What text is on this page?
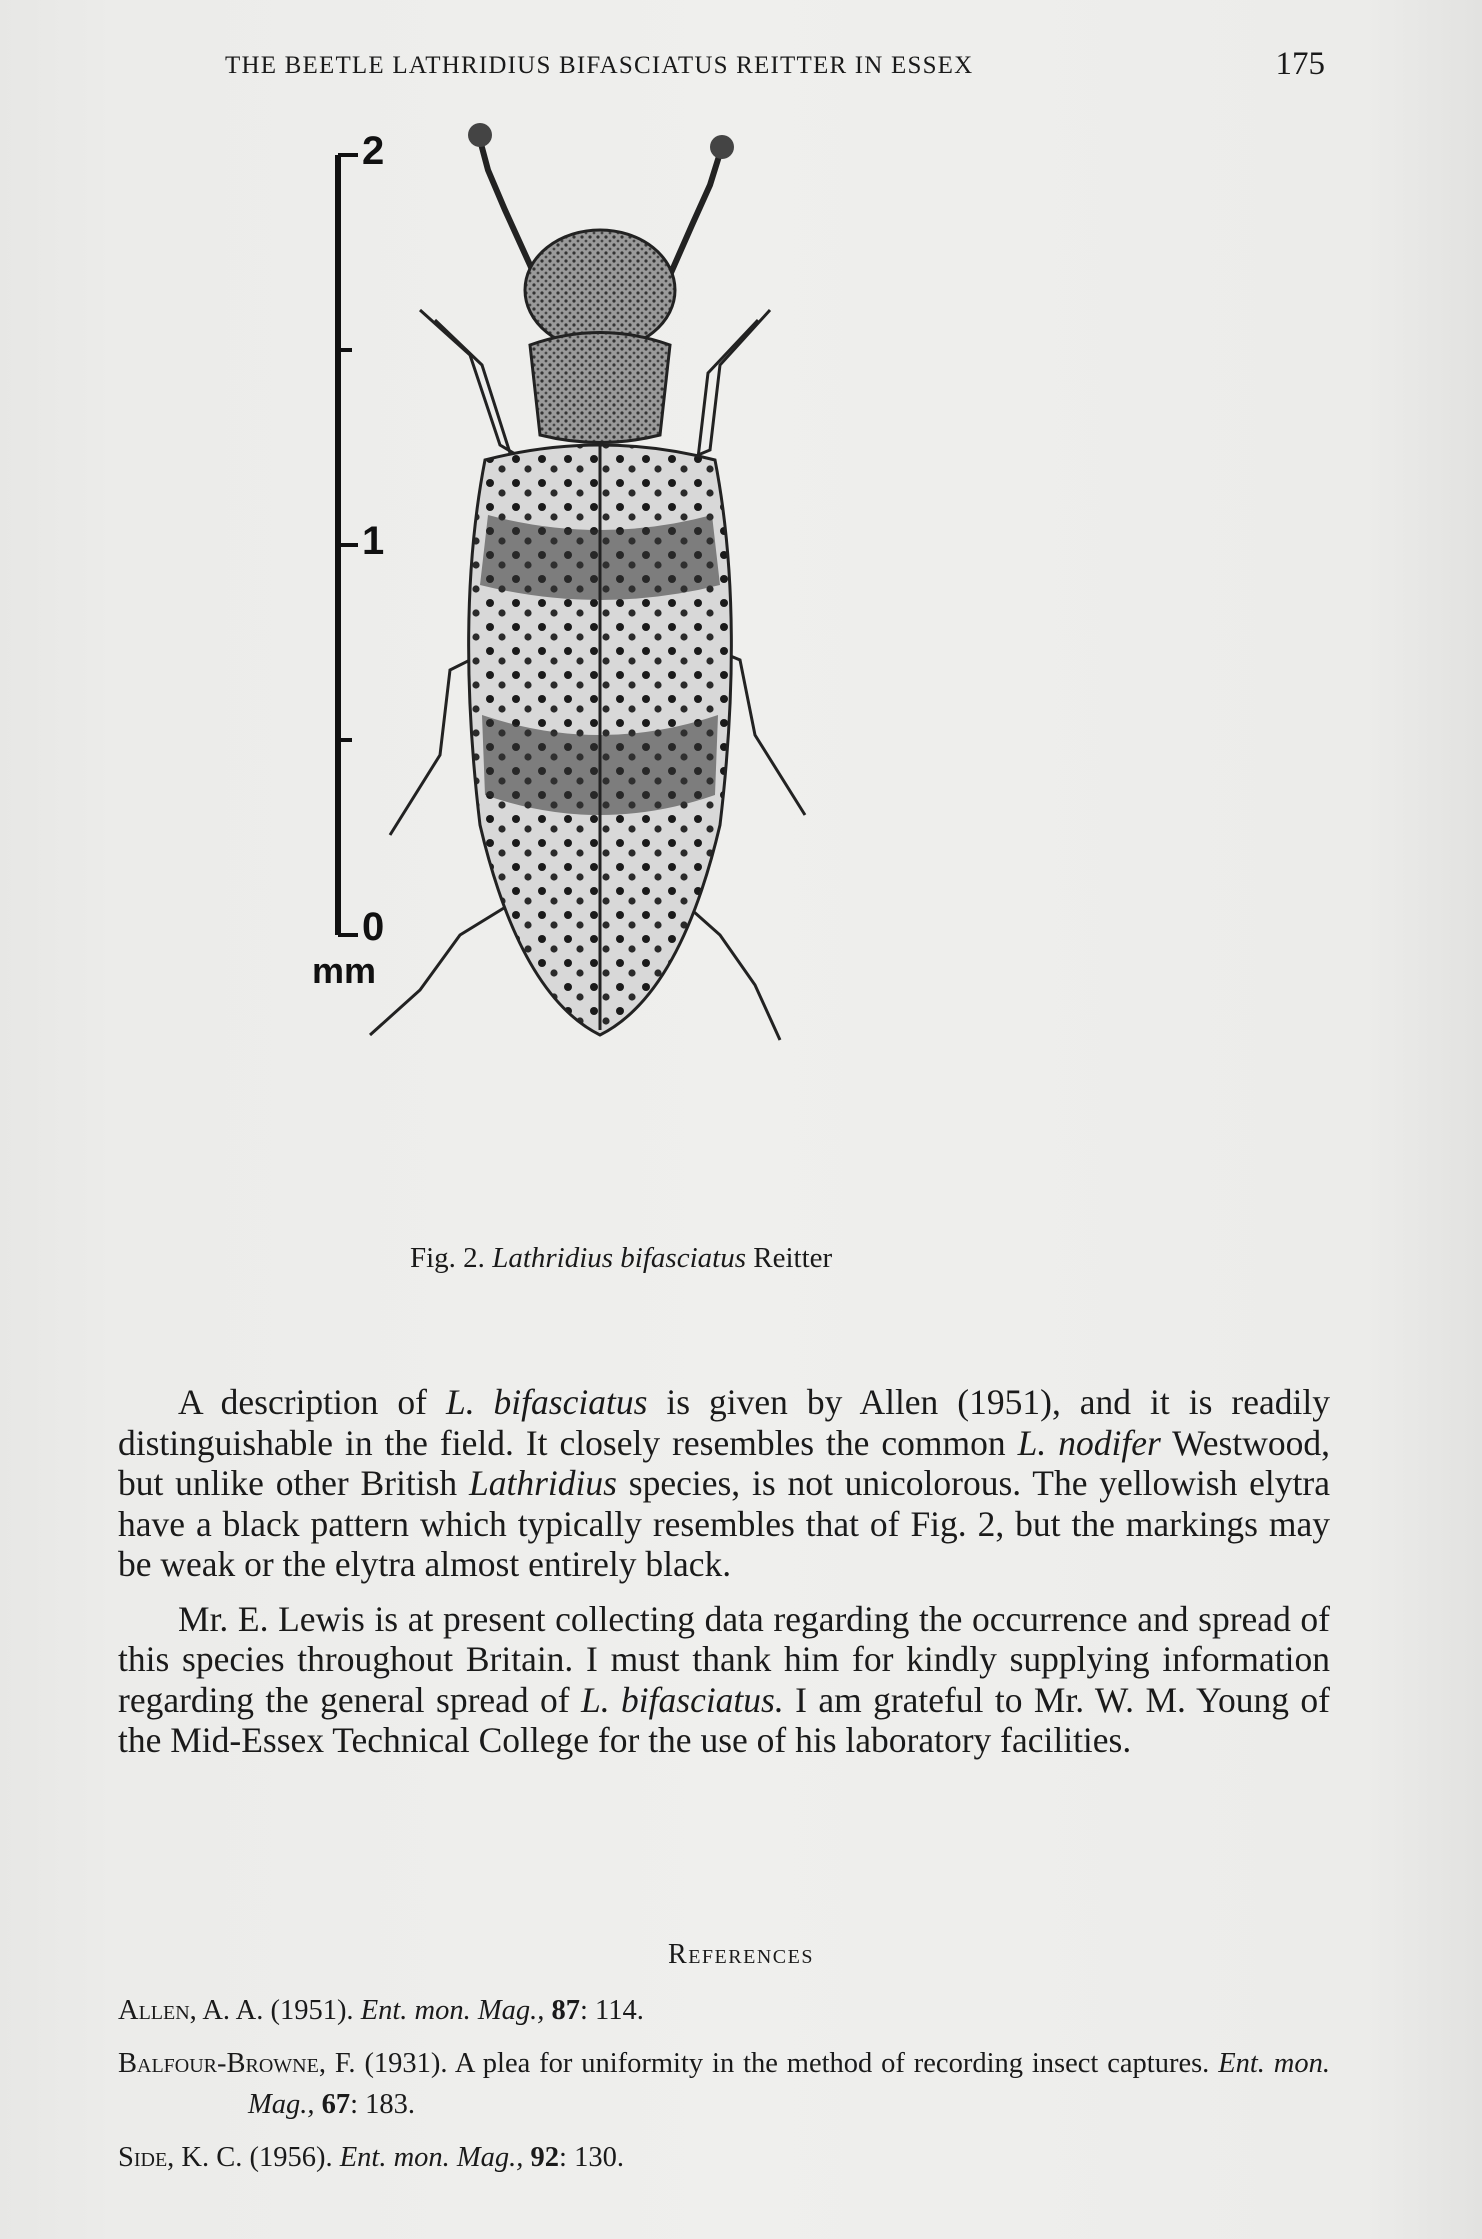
THE BEETLE LATHRIDIUS BIFASCIATUS REITTER IN ESSEX	175
2
1
0
mm
Fig. 2. Lathridius bifasciatus Reitter

A description of L. bifasciatus is given by Allen (1951), and it is readily distinguishable in the field. It closely resembles the common L. nodifer Westwood, but unlike other British Lathridius species, is not unicolorous. The yellowish elytra have a black pattern which typically resembles that of Fig. 2, but the markings may be weak or the elytra almost entirely black.

Mr. E. Lewis is at present collecting data regarding the occurrence and spread of this species throughout Britain. I must thank him for kindly supplying information regarding the general spread of L. bifasciatus. I am grateful to Mr. W. M. Young of the Mid-Essex Technical College for the use of his laboratory facilities.

References
Allen, A. A. (1951). Ent. mon. Mag., 87: 114.
Balfour-Browne, F. (1931). A plea for uniformity in the method of recording insect captures. Ent. mon. Mag., 67: 183.
Side, K. C. (1956). Ent. mon. Mag., 92: 130.
